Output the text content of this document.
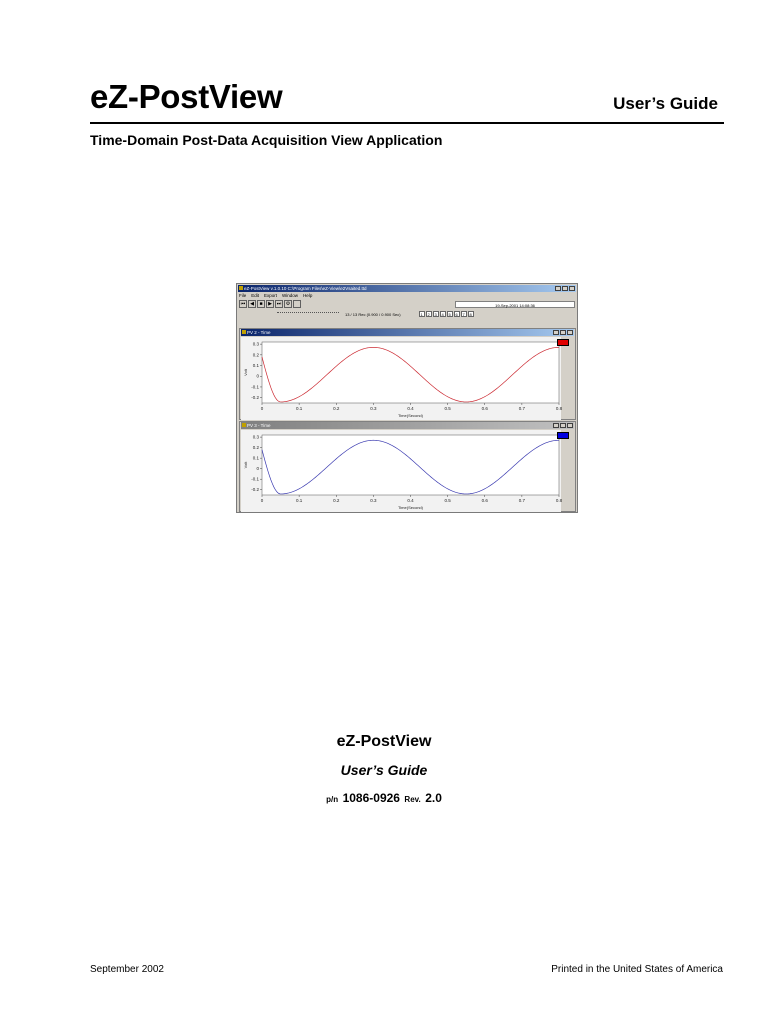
eZ-PostView	User’s Guide
Time-Domain Post-Data Acquisition View Application
eZ-PostView v.1.0.10 C:\Program Files\eZ-View\e2Vsaited.ttd
File Edit Export Window Help
⏮ ◀	■	▶ ⏭ ⚙	19-Sep-2001 14:08:36
13 / 13 Rec (0.900 / 0.900 Sec)	1	2	3	4	5	6	7	8
PV 2 - Time
0.3
0.2
0.1
0
-0.1
-0.2
0	0.1	0.2	0.3	0.4	0.5	0.6	0.7	0.8
Time(Second)
Volt
PV 3 - Time
0.3
0.2
0.1
0
-0.1
-0.2
0	0.1	0.2	0.3	0.4	0.5	0.6	0.7	0.8
Time(Second)
Volt
eZ-PostView
User’s Guide
p/n 1086-0926 Rev. 2.0
September 2002	Printed in the United States of America
